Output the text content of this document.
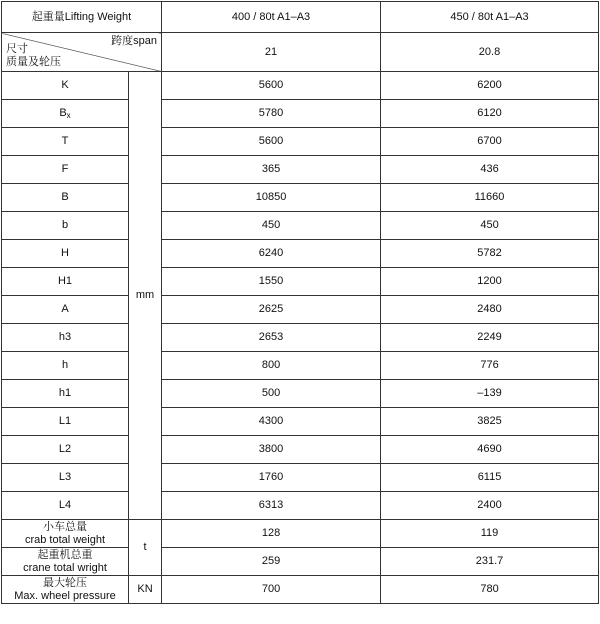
起重量Lifting Weight		400 / 80t A1–A3	450 / 80t A1–A3

跨度span
尺寸
质量及轮压		21	20.8
K	mm	5600	6200
$B_x$		5780	6120
T		5600	6700
F		365	436
B		10850	11660
b		450	450
H		6240	5782
H1		1550	1200
A		2625	2480
h3		2653	2249
h		800	776
h1		500	–139
L1		4300	3825
L2		3800	4690
L3		1760	6115
L4		6313	2400

小车总量
crab total weight	t	128	119

起重机总重
crane total wright		259	231.7

最大轮压
Max. wheel pressure	KN	700	780
